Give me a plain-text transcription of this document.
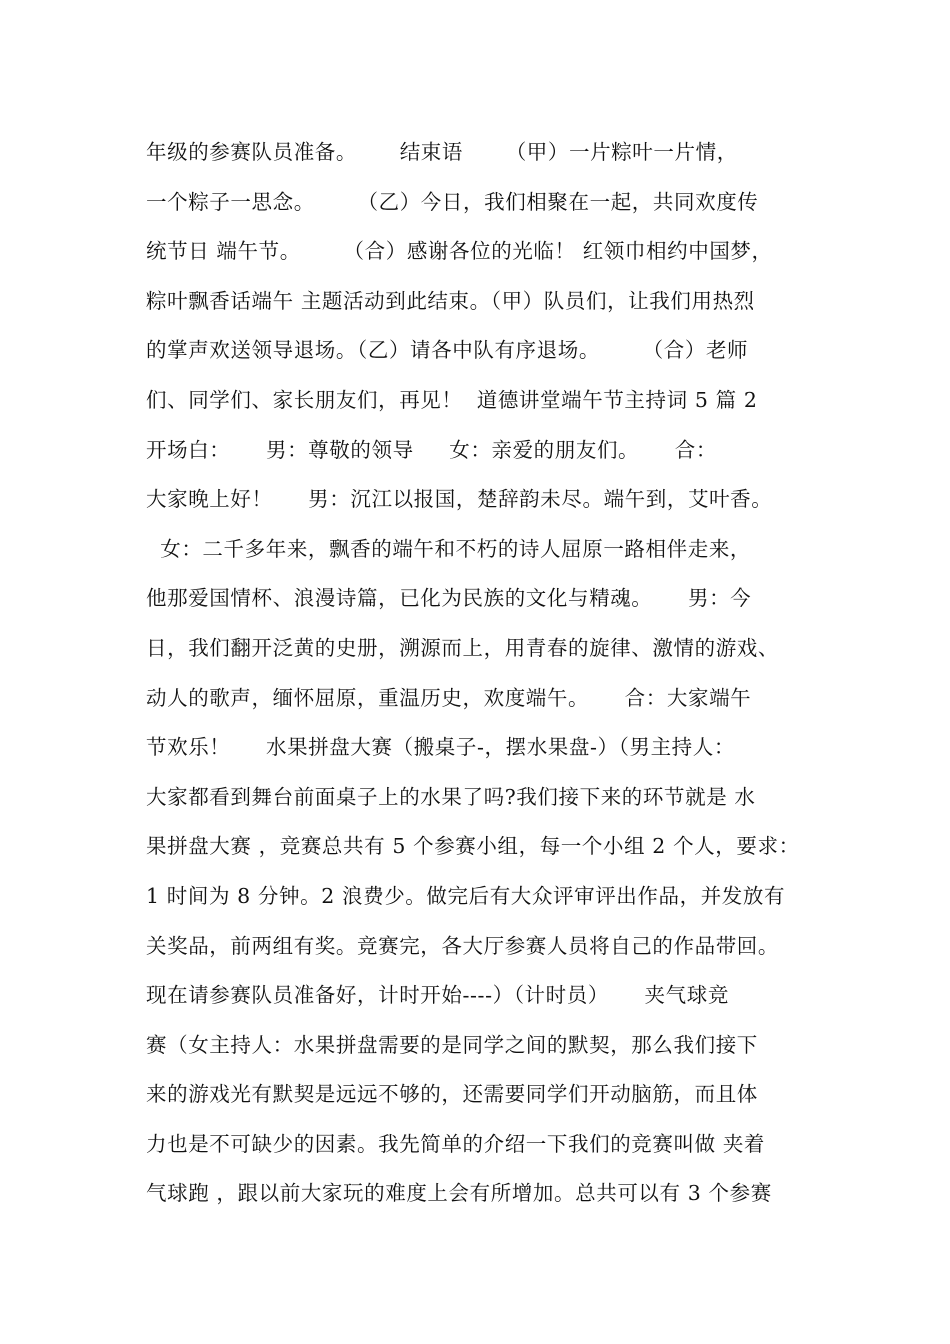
年级的参赛队员准备。      结束语      （甲）一片粽叶一片情，
一个粽子一思念。      （乙）今日，我们相聚在一起，共同欢度传
统节日 端午节。      （合）感谢各位的光临！ 红领巾相约中国梦，
粽叶飘香话端午 主题活动到此结束。（甲）队员们，让我们用热烈
的掌声欢送领导退场。（乙）请各中队有序退场。      （合）老师
们、同学们、家长朋友们，再见！  道德讲堂端午节主持词 5 篇 2
开场白：     男：尊敬的领导     女：亲爱的朋友们。     合：
大家晚上好！     男：沉江以报国，楚辞韵未尽。端午到，艾叶香。
女：二千多年来，飘香的端午和不朽的诗人屈原一路相伴走来，
他那爱国情杯、浪漫诗篇，已化为民族的文化与精魂。     男：今
日，我们翻开泛黄的史册，溯源而上，用青春的旋律、激情的游戏、
动人的歌声，缅怀屈原，重温历史，欢度端午。     合：大家端午
节欢乐！     水果拼盘大赛（搬桌子-，摆水果盘-）（男主持人：
大家都看到舞台前面桌子上的水果了吗?我们接下来的环节就是 水
果拼盘大赛 ，竞赛总共有 5 个参赛小组，每一个小组 2 个人，要求：
1 时间为 8 分钟。2 浪费少。做完后有大众评审评出作品，并发放有
关奖品，前两组有奖。竞赛完，各大厅参赛人员将自己的作品带回。
现在请参赛队员准备好，计时开始----）（计时员）     夹气球竞
赛（女主持人：水果拼盘需要的是同学之间的默契，那么我们接下
来的游戏光有默契是远远不够的，还需要同学们开动脑筋，而且体
力也是不可缺少的因素。我先简单的介绍一下我们的竞赛叫做 夹着
气球跑 ，跟以前大家玩的难度上会有所增加。总共可以有 3 个参赛
